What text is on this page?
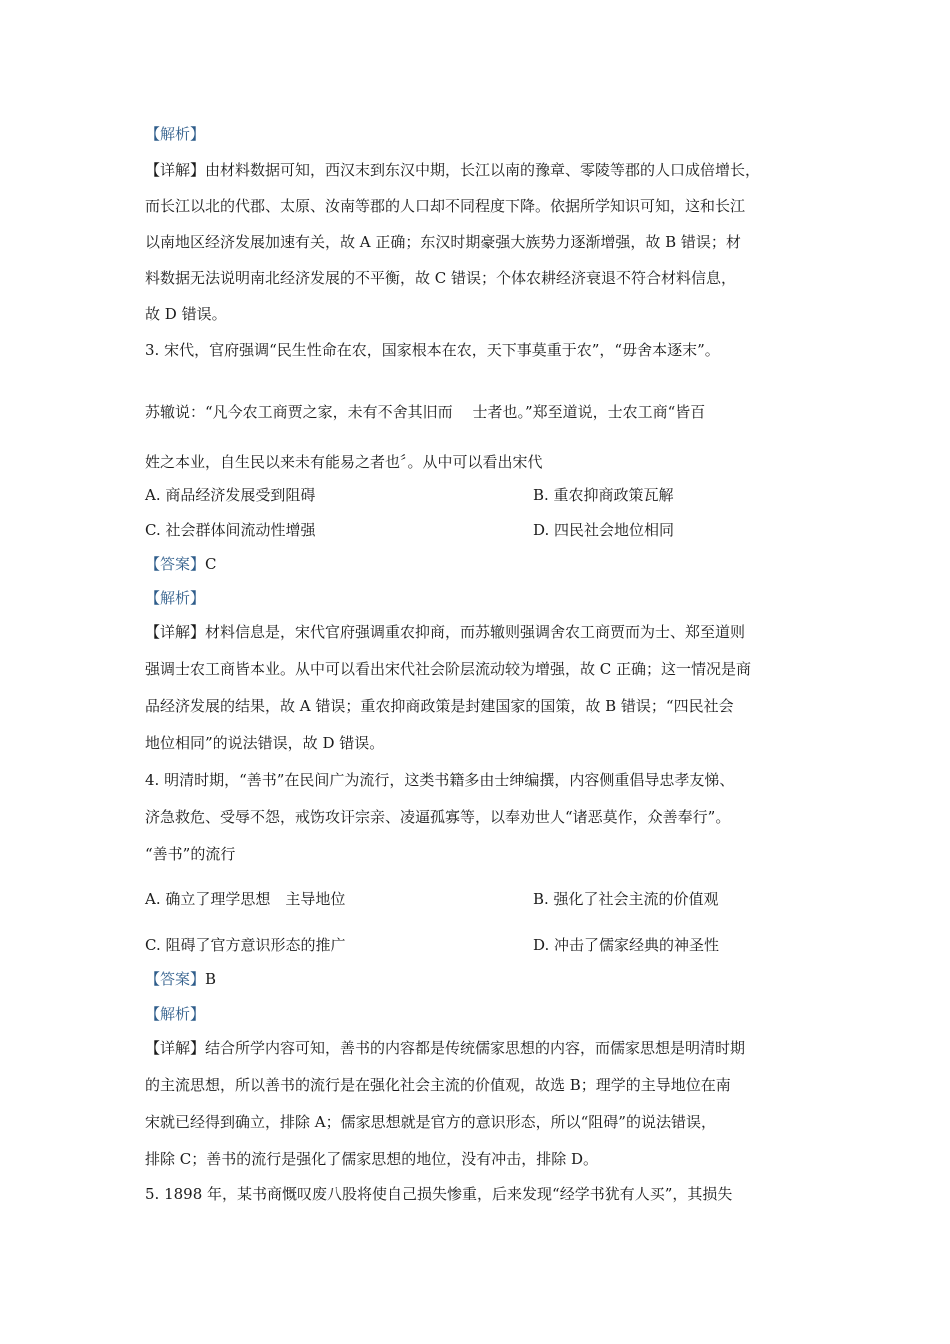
【解析】
【详解】由材料数据可知，西汉末到东汉中期，长江以南的豫章、零陵等郡的人口成倍增长，
而长江以北的代郡、太原、汝南等郡的人口却不同程度下降。依据所学知识可知，这和长江
以南地区经济发展加速有关，故 A 正确；东汉时期豪强大族势力逐渐增强，故 B 错误；材
料数据无法说明南北经济发展的不平衡，故 C 错误；个体农耕经济衰退不符合材料信息，
故 D 错误。
3. 宋代，官府强调“民生性命在农，国家根本在农，天下事莫重于农”，“毋舍本逐末”。
苏辙说：“凡今农工商贾之家，未有不舍其旧而　 士者也。”郑至道说，士农工商“皆百
姓之本业，自生民以来未有能易之者也〞。从中可以看出宋代
A. 商品经济发展受到阻碍	B. 重农抑商政策瓦解
C. 社会群体间流动性增强	D. 四民社会地位相同
【答案】C
【解析】
【详解】材料信息是，宋代官府强调重农抑商，而苏辙则强调舍农工商贾而为士、郑至道则
强调士农工商皆本业。从中可以看出宋代社会阶层流动较为增强，故 C 正确；这一情况是商
品经济发展的结果，故 A 错误；重农抑商政策是封建国家的国策，故 B 错误；“四民社会
地位相同”的说法错误，故 D 错误。
4. 明清时期，“善书”在民间广为流行，这类书籍多由士绅编撰，内容侧重倡导忠孝友悌、
济急救危、受辱不怨，戒饬攻讦宗亲、凌逼孤寡等，以奉劝世人“诸恶莫作，众善奉行”。
“善书”的流行
A. 确立了理学思想　主导地位	B. 强化了社会主流的价值观
C. 阻碍了官方意识形态的推广	D. 冲击了儒家经典的神圣性
【答案】B
【解析】
【详解】结合所学内容可知，善书的内容都是传统儒家思想的内容，而儒家思想是明清时期
的主流思想，所以善书的流行是在强化社会主流的价值观，故选 B；理学的主导地位在南
宋就已经得到确立，排除 A；儒家思想就是官方的意识形态，所以“阻碍”的说法错误，
排除 C；善书的流行是强化了儒家思想的地位，没有冲击，排除 D。
5. 1898 年，某书商慨叹废八股将使自己损失惨重，后来发现“经学书犹有人买”，其损失
